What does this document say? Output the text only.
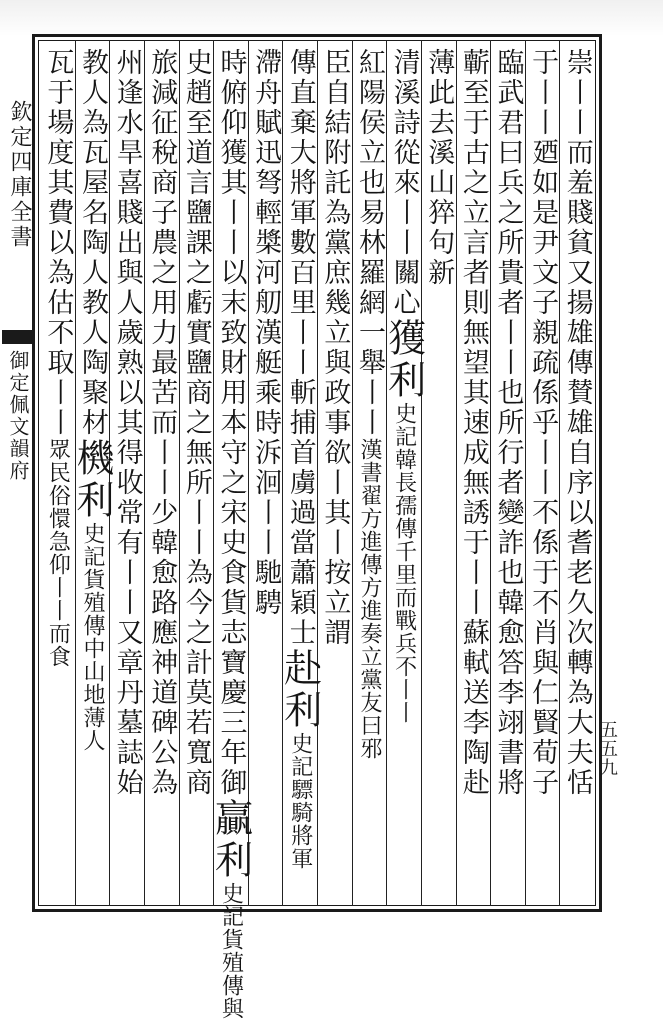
欽定四庫全書
御定佩文韻府
五五九
崇丨丨而羞賤貧又揚雄傳賛雄自序以耆老久次轉為大夫恬
于丨丨廼如是尹文子親疏係乎丨丨不係于不肖與仁賢荀子
臨武君曰兵之所貴者丨丨也所行者變詐也韓愈答李翊書將
蘄至于古之立言者則無望其速成無誘于丨丨蘇軾送李陶赴
薄此去溪山猝句新
清溪詩從來丨丨關心獲利史記韓長孺傳千里而戰兵不丨丨
紅陽侯立也易林羅網一舉丨丨漢書翟方進傳方進奏立黨友曰邪
臣自結附託為黨庶幾立與政事欲丨其丨按立謂
傳直棄大將軍數百里丨丨斬捕首虜過當蕭穎士赴利史記驃騎將軍
滯舟賦迅弩輕槳河舠漢艇乘時泝洄丨丨馳騁
時俯仰獲其丨丨以末致財用本守之宋史食貨志寶慶三年御贏利史記貨殖傳與
史趙至道言鹽課之虧實鹽商之無所丨丨為今之計莫若寬商
旅減征稅商子農之用力最苦而丨丨少韓愈路應神道碑公為
州逢水旱喜賤出與人歲熟以其得收常有丨丨又章丹墓誌始
教人為瓦屋名陶人教人陶聚材機利史記貨殖傳中山地薄人
瓦于場度其費以為估不取丨丨眾民俗懁急仰丨丨而食
